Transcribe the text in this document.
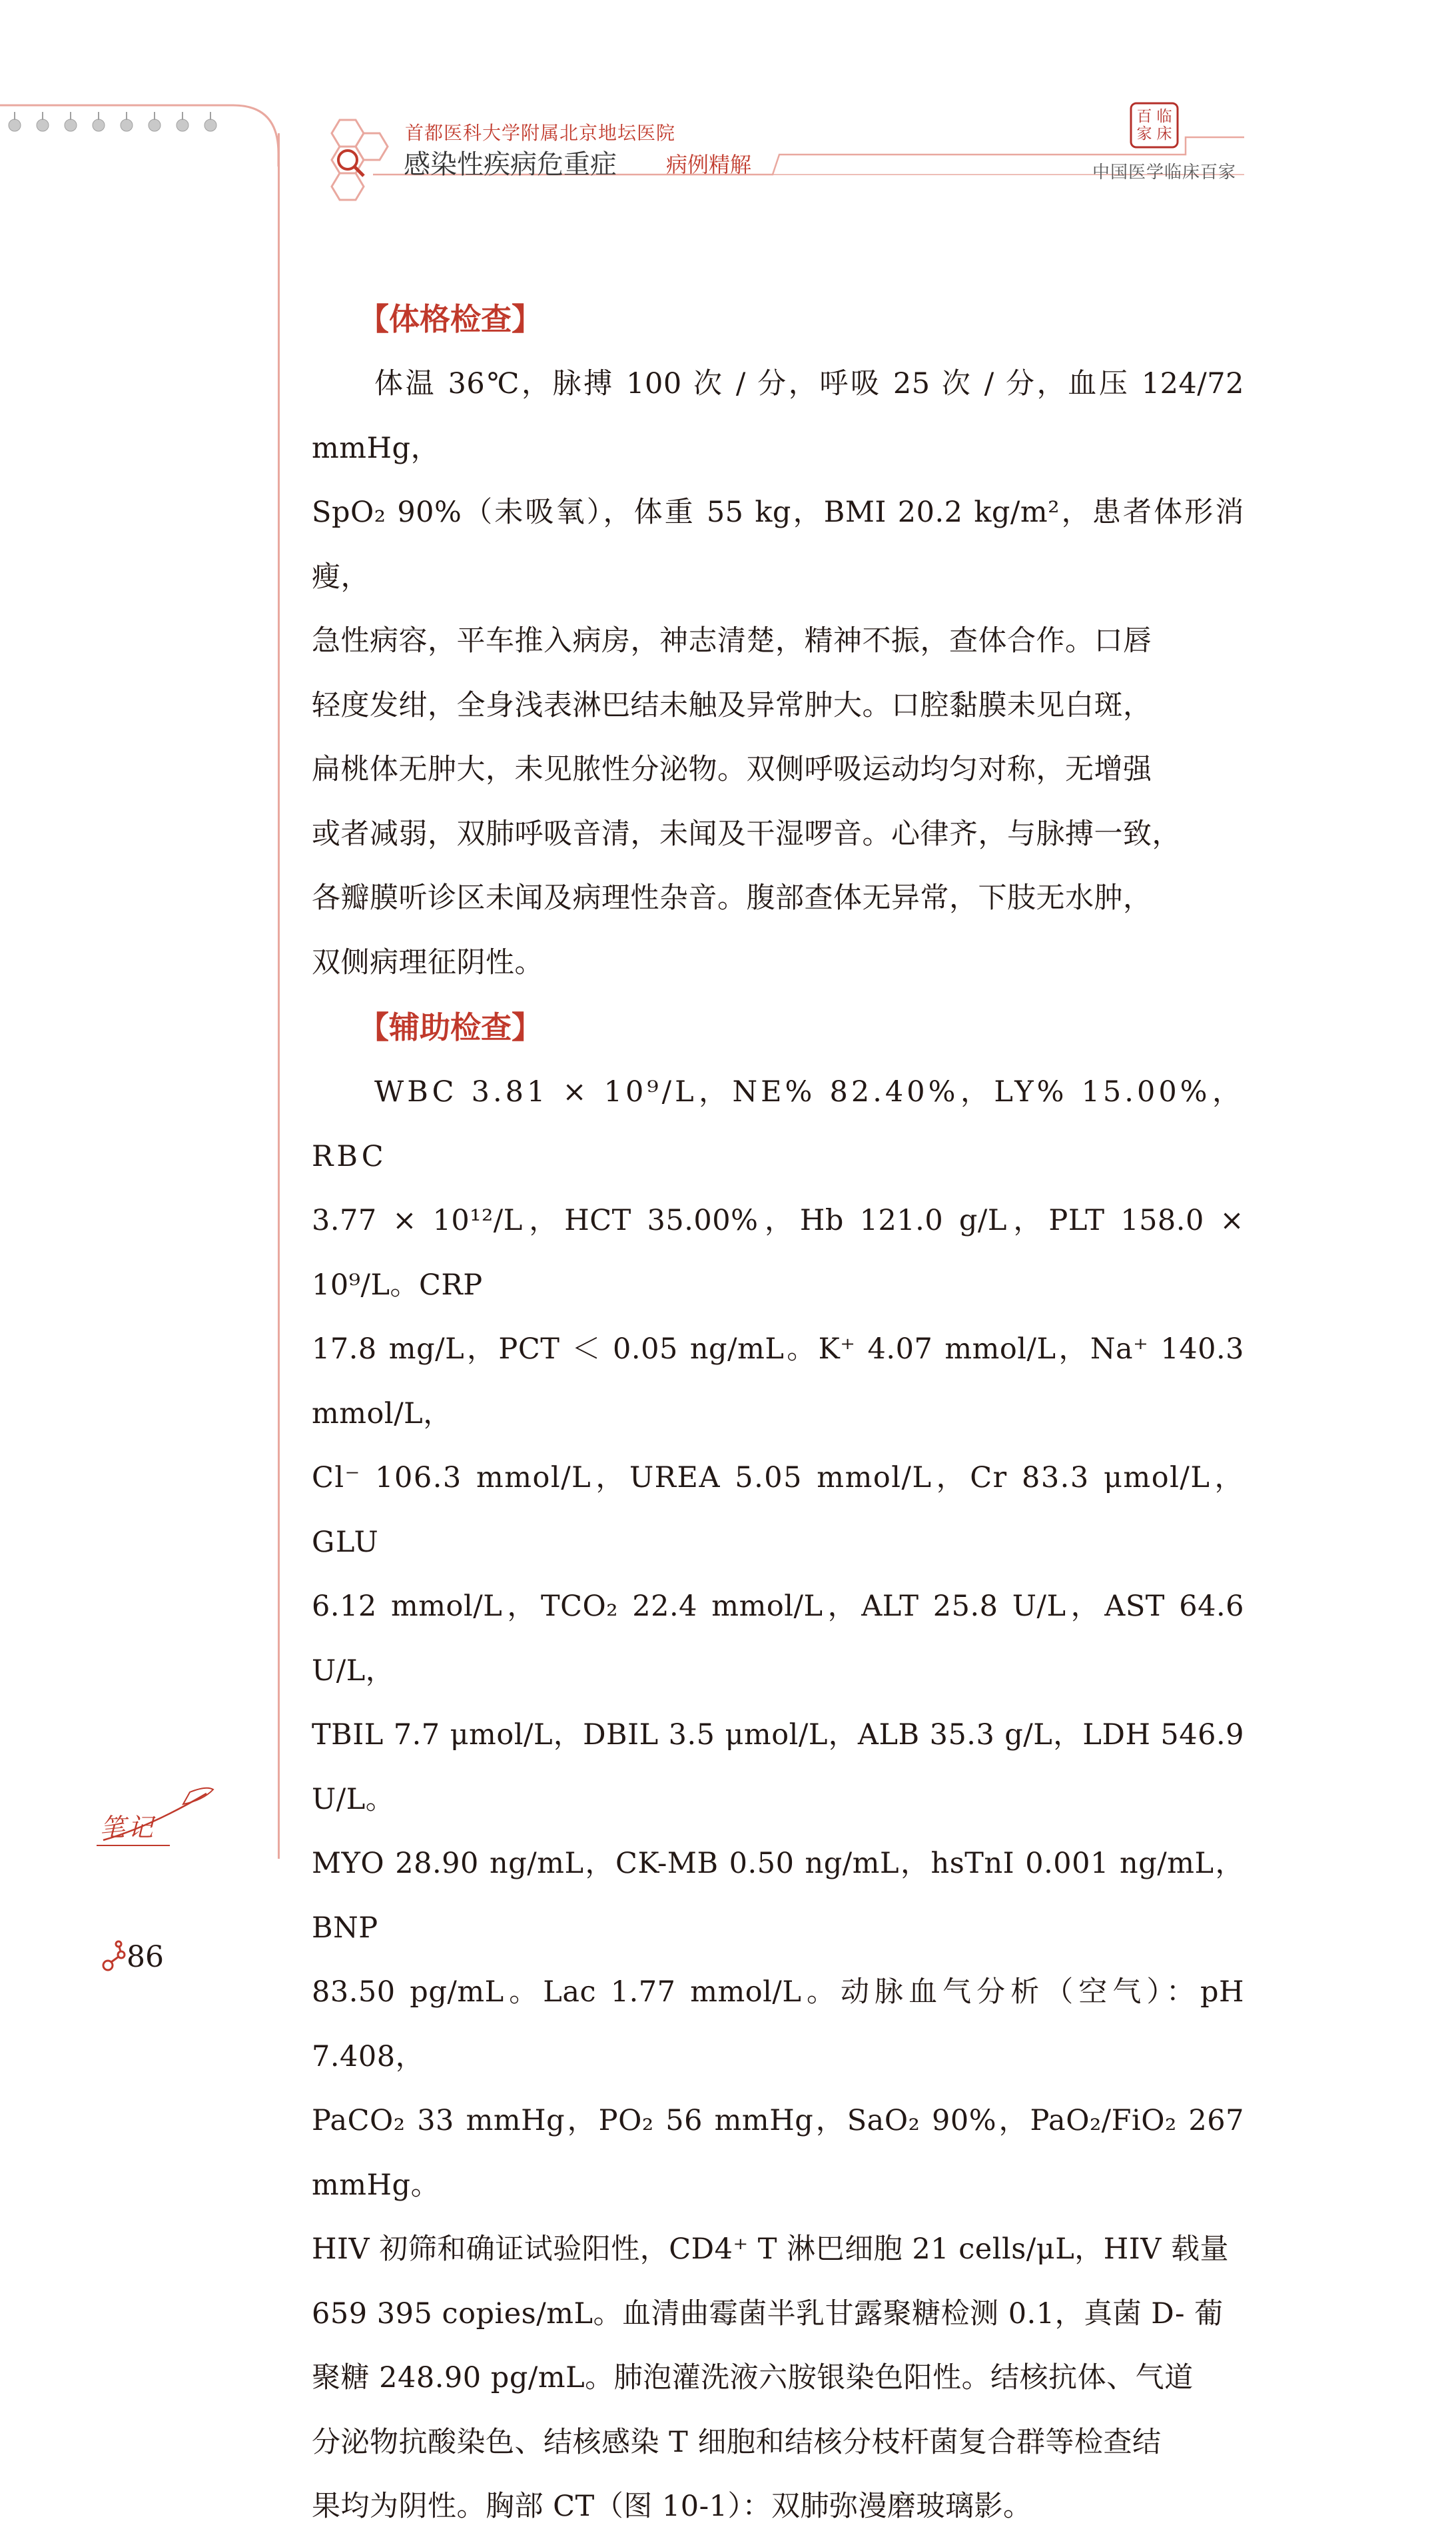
首都医科大学附属北京地坛医院
感染性疾病危重症 病例精解	中国医学临床百家
百 临
家 床
【体格检查】
体温 36℃，脉搏 100 次 / 分，呼吸 25 次 / 分，血压 124/72 mmHg，
SpO₂ 90%（未吸氧），体重 55 kg，BMI 20.2 kg/m²，患者体形消瘦，
急性病容，平车推入病房，神志清楚，精神不振，查体合作。口唇
轻度发绀，全身浅表淋巴结未触及异常肿大。口腔黏膜未见白斑，
扁桃体无肿大，未见脓性分泌物。双侧呼吸运动均匀对称，无增强
或者减弱，双肺呼吸音清，未闻及干湿啰音。心律齐，与脉搏一致，
各瓣膜听诊区未闻及病理性杂音。腹部查体无异常，下肢无水肿，
双侧病理征阴性。
【辅助检查】
WBC 3.81 × 10⁹/L，NE% 82.40%，LY% 15.00%，RBC
3.77 × 10¹²/L，HCT 35.00%，Hb 121.0 g/L，PLT 158.0 × 10⁹/L。CRP
17.8 mg/L，PCT ＜ 0.05 ng/mL。K⁺ 4.07 mmol/L，Na⁺ 140.3 mmol/L，
Cl⁻ 106.3 mmol/L，UREA 5.05 mmol/L，Cr 83.3 μmol/L，GLU
6.12 mmol/L，TCO₂ 22.4 mmol/L，ALT 25.8 U/L，AST 64.6 U/L，
TBIL 7.7 μmol/L，DBIL 3.5 μmol/L，ALB 35.3 g/L，LDH 546.9 U/L。
MYO 28.90 ng/mL，CK-MB 0.50 ng/mL，hsTnI 0.001 ng/mL，BNP
83.50 pg/mL。Lac 1.77 mmol/L。动脉血气分析（空气）：pH 7.408，
PaCO₂ 33 mmHg，PO₂ 56 mmHg，SaO₂ 90%，PaO₂/FiO₂ 267 mmHg。
HIV 初筛和确证试验阳性，CD4⁺ T 淋巴细胞 21 cells/μL，HIV 载量
659 395 copies/mL。血清曲霉菌半乳甘露聚糖检测 0.1，真菌 D- 葡
聚糖 248.90 pg/mL。肺泡灌洗液六胺银染色阳性。结核抗体、气道
分泌物抗酸染色、结核感染 T 细胞和结核分枝杆菌复合群等检查结
果均为阴性。胸部 CT（图 10-1）：双肺弥漫磨玻璃影。
笔记
86
